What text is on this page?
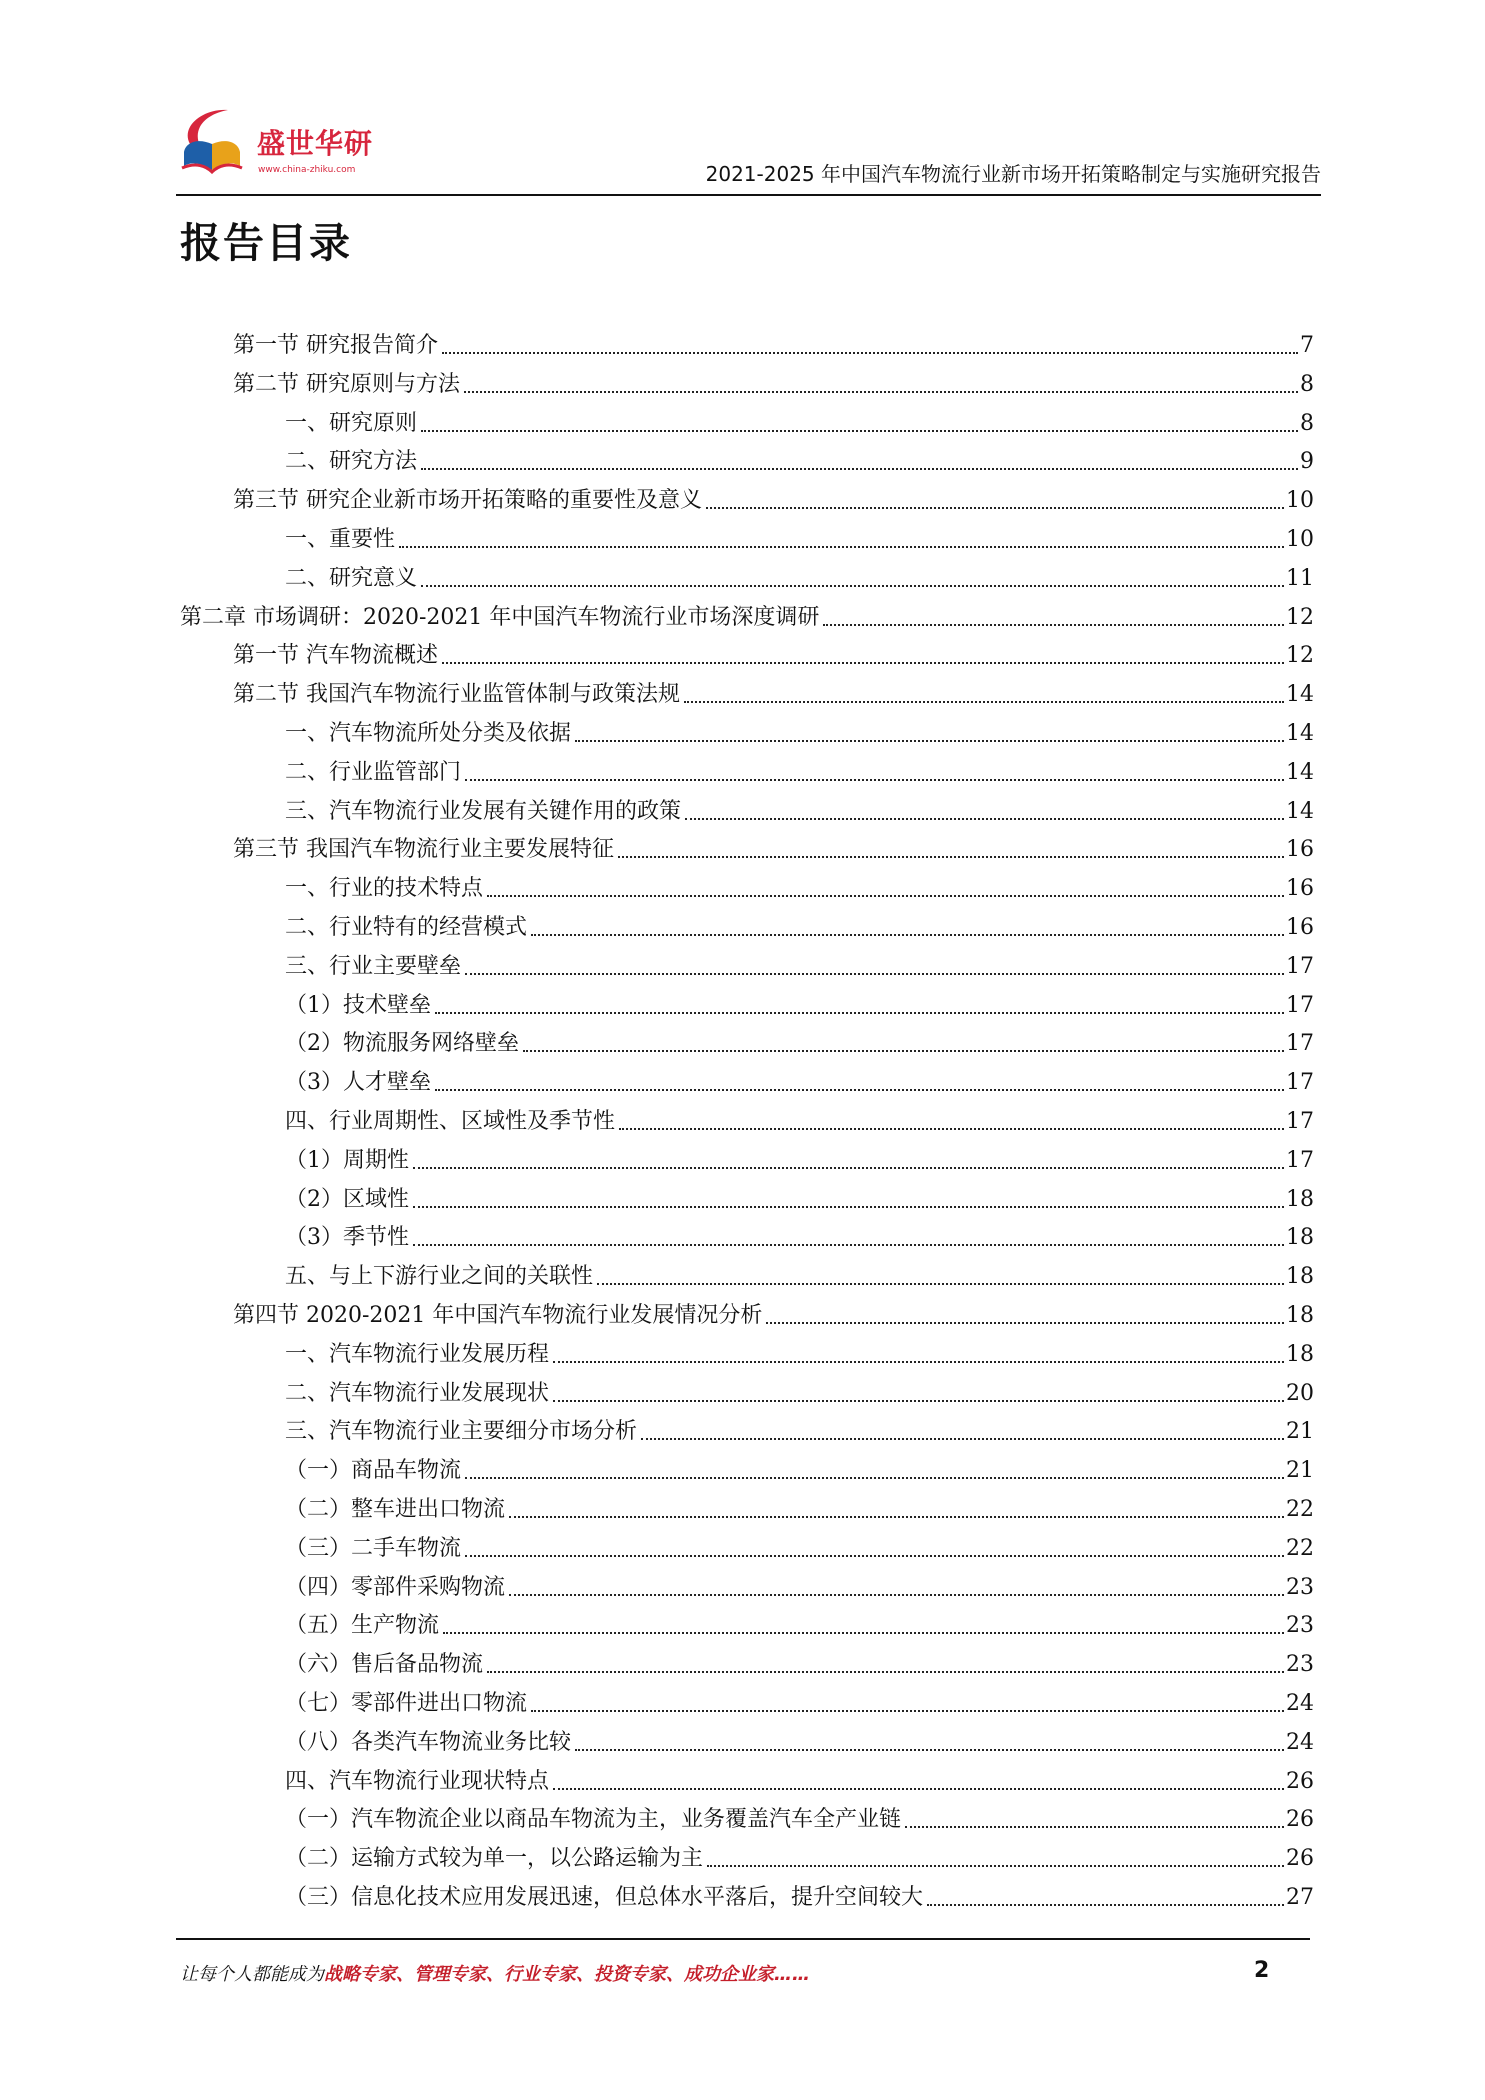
盛世华研
www.china-zhiku.com	2021-2025 年中国汽车物流行业新市场开拓策略制定与实施研究报告
报告目录
第一节 研究报告简介	7
第二节 研究原则与方法	8
一、研究原则	8
二、研究方法	9
第三节 研究企业新市场开拓策略的重要性及意义	10
一、重要性	10
二、研究意义	11
第二章 市场调研：2020-2021 年中国汽车物流行业市场深度调研	12
第一节 汽车物流概述	12
第二节 我国汽车物流行业监管体制与政策法规	14
一、汽车物流所处分类及依据	14
二、行业监管部门	14
三、汽车物流行业发展有关键作用的政策	14
第三节 我国汽车物流行业主要发展特征	16
一、行业的技术特点	16
二、行业特有的经营模式	16
三、行业主要壁垒	17
（1）技术壁垒	17
（2）物流服务网络壁垒	17
（3）人才壁垒	17
四、行业周期性、区域性及季节性	17
（1）周期性	17
（2）区域性	18
（3）季节性	18
五、与上下游行业之间的关联性	18
第四节 2020-2021 年中国汽车物流行业发展情况分析	18
一、汽车物流行业发展历程	18
二、汽车物流行业发展现状	20
三、汽车物流行业主要细分市场分析	21
（一）商品车物流	21
（二）整车进出口物流	22
（三）二手车物流	22
（四）零部件采购物流	23
（五）生产物流	23
（六）售后备品物流	23
（七）零部件进出口物流	24
（八）各类汽车物流业务比较	24
四、汽车物流行业现状特点	26
（一）汽车物流企业以商品车物流为主，业务覆盖汽车全产业链	26
（二）运输方式较为单一，以公路运输为主	26
（三）信息化技术应用发展迅速，但总体水平落后，提升空间较大	27
让每个人都能成为战略专家、管理专家、行业专家、投资专家、成功企业家……	2
